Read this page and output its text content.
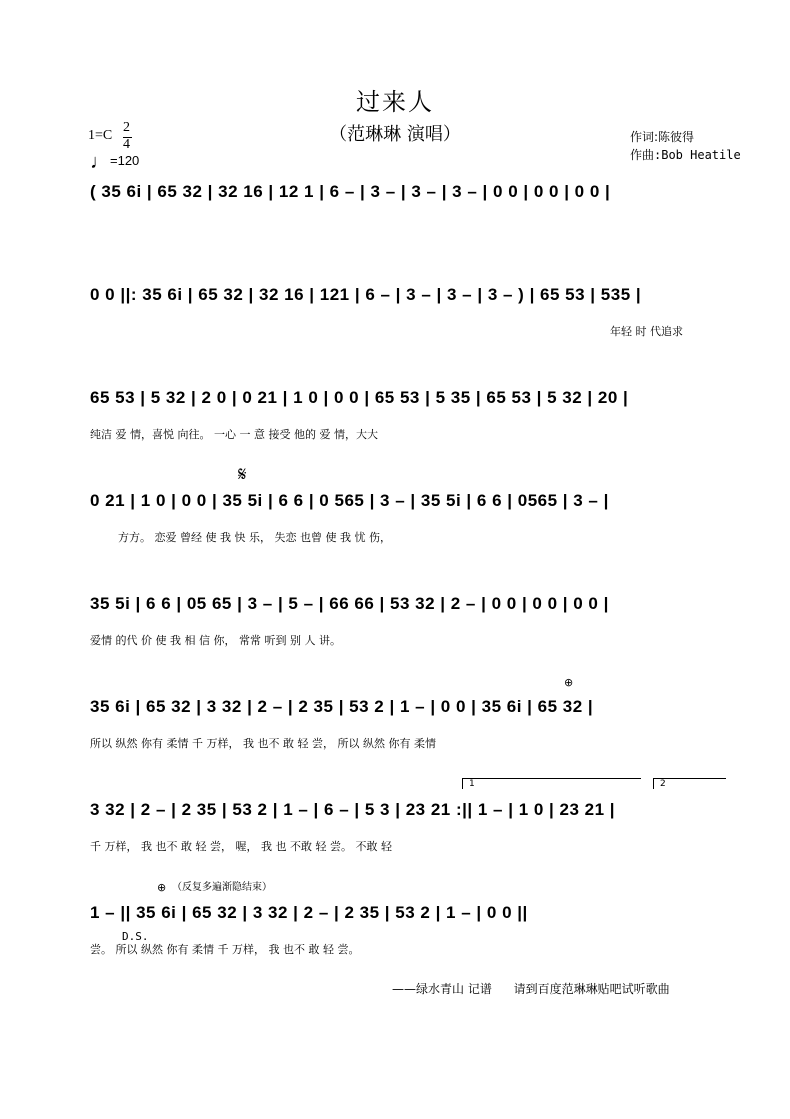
过来人
（范琳琳 演唱）
1=C
2
4
♩=120
作词:陈彼得
作曲:Bob Heatile
( 35 6i | 65 32 | 32 16 | 12 1 | 6 – | 3 – | 3 – | 3 – | 0 0 | 0 0 | 0 0 |
0 0 ||: 35 6i | 65 32 | 32 16 | 121 | 6 – | 3 – | 3 – | 3 – ) | 65 53 | 535 |
年轻 时 代追求
65 53 | 5 32 | 2 0 | 0 21 | 1 0 | 0 0 | 65 53 | 5 35 | 65 53 | 5 32 | 20 |
纯洁 爱 情，喜悦 向往。 一心 一 意 接受 他的 爱 情，大大
0 21 | 1 0 | 0 0 | 35 5i | 6 6 | 0 565 | 3 – | 35 5i | 6 6 | 0565 | 3 – |
方方。 恋爱 曾经 使 我 快 乐， 失恋 也曾 使 我 忧 伤，
35 5i | 6 6 | 05 65 | 3 – | 5 – | 66 66 | 53 32 | 2 – | 0 0 | 0 0 | 0 0 |
爱情 的代 价 使 我 相 信 你， 常常 听到 别 人 讲。
35 6i | 65 32 | 3 32 | 2 – | 2 35 | 53 2 | 1 – | 0 0 | 35 6i | 65 32 |
所以 纵然 你有 柔情 千 万样， 我 也不 敢 轻 尝， 所以 纵然 你有 柔情
3 32 | 2 – | 2 35 | 53 2 | 1 – | 6 – | 5 3 | 23 21 :|| 1 – | 1 0 | 23 21 |
千 万样， 我 也不 敢 轻 尝， 喔， 我 也 不敢 轻 尝。 不敢 轻
1 – || 35 6i | 65 32 | 3 32 | 2 – | 2 35 | 53 2 | 1 – | 0 0 ||
尝。 所以 纵然 你有 柔情 千 万样， 我 也不 敢 轻 尝。
𝄋
⊕
⊕ （反复多遍渐隐结束）
D.S.
1	2
——绿水青山 记谱 请到百度范琳琳贴吧试听歌曲
